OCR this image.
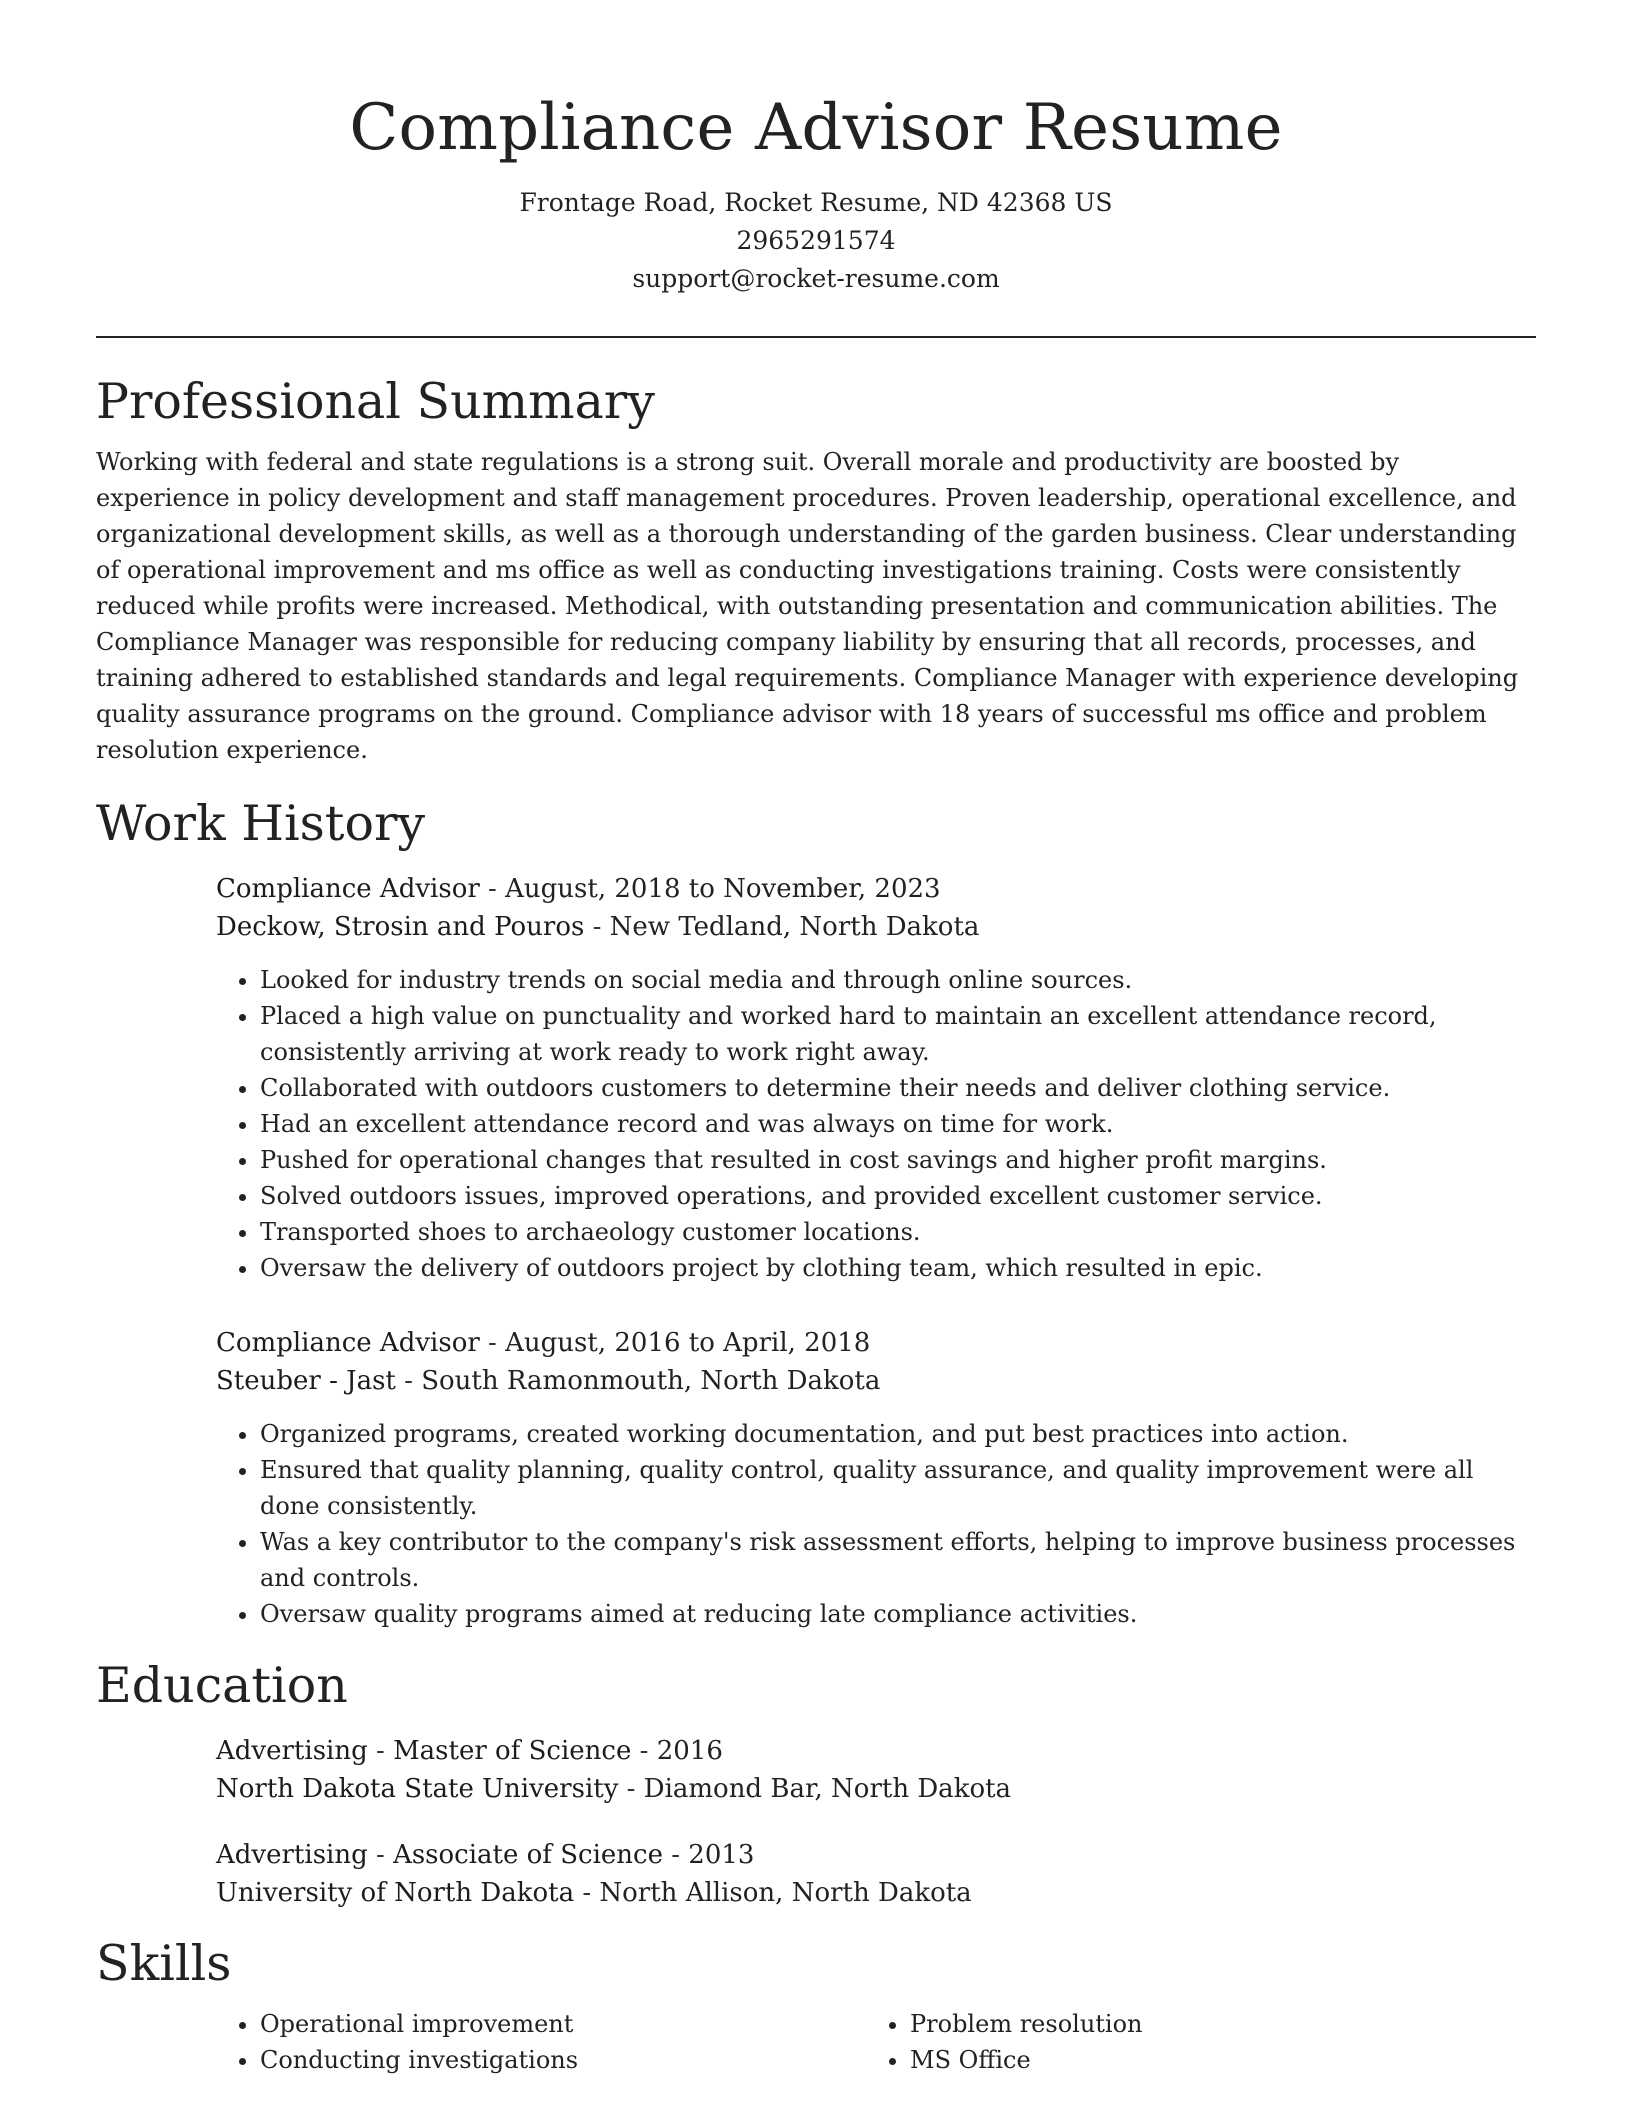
Compliance Advisor Resume
Frontage Road, Rocket Resume, ND 42368 US
2965291574
support@rocket-resume.com
Professional Summary

Working with federal and state regulations is a strong suit. Overall morale and productivity are boosted by experience in policy development and staff management procedures. Proven leadership, operational excellence, and organizational development skills, as well as a thorough understanding of the garden business. Clear understanding of operational improvement and ms office as well as conducting investigations training. Costs were consistently reduced while profits were increased. Methodical, with outstanding presentation and communication abilities. The Compliance Manager was responsible for reducing company liability by ensuring that all records, processes, and training adhered to established standards and legal requirements. Compliance Manager with experience developing quality assurance programs on the ground. Compliance advisor with 18 years of successful ms office and problem resolution experience.

Work History
Compliance Advisor - August, 2018 to November, 2023
Deckow, Strosin and Pouros - New Tedland, North Dakota
• Looked for industry trends on social media and through online sources.
• Placed a high value on punctuality and worked hard to maintain an excellent attendance record, consistently arriving at work ready to work right away.
• Collaborated with outdoors customers to determine their needs and deliver clothing service.
• Had an excellent attendance record and was always on time for work.
• Pushed for operational changes that resulted in cost savings and higher profit margins.
• Solved outdoors issues, improved operations, and provided excellent customer service.
• Transported shoes to archaeology customer locations.
• Oversaw the delivery of outdoors project by clothing team, which resulted in epic.
Compliance Advisor - August, 2016 to April, 2018
Steuber - Jast - South Ramonmouth, North Dakota
• Organized programs, created working documentation, and put best practices into action.
• Ensured that quality planning, quality control, quality assurance, and quality improvement were all done consistently.
• Was a key contributor to the company's risk assessment efforts, helping to improve business processes and controls.
• Oversaw quality programs aimed at reducing late compliance activities.
Education
Advertising - Master of Science - 2016
North Dakota State University - Diamond Bar, North Dakota
Advertising - Associate of Science - 2013
University of North Dakota - North Allison, North Dakota
Skills
• Operational improvement
• Conducting investigations
• Problem resolution
• MS Office
